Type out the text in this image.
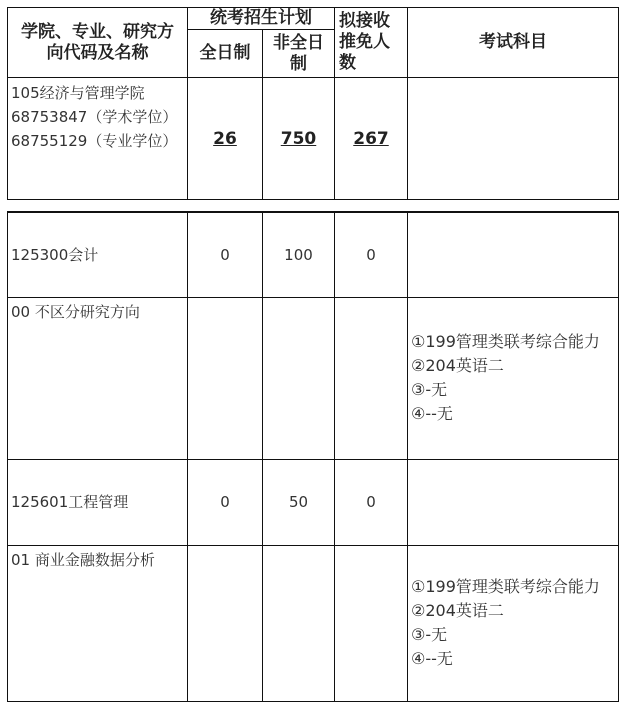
学院、专业、研究方向代码及名称	统考招生计划		拟接收推免人数	考试科目
	全日制	非全日制		

105经济与管理学院
68753847（学术学位）
68755129（专业学位）	26	750	267	
125300会计	0	100	0	
00 不区分研究方向				①199管理类联考综合能力
②204英语二
③-无
④--无

125601工程管理	0	50	0	
01 商业金融数据分析				①199管理类联考综合能力
②204英语二
③-无
④--无
